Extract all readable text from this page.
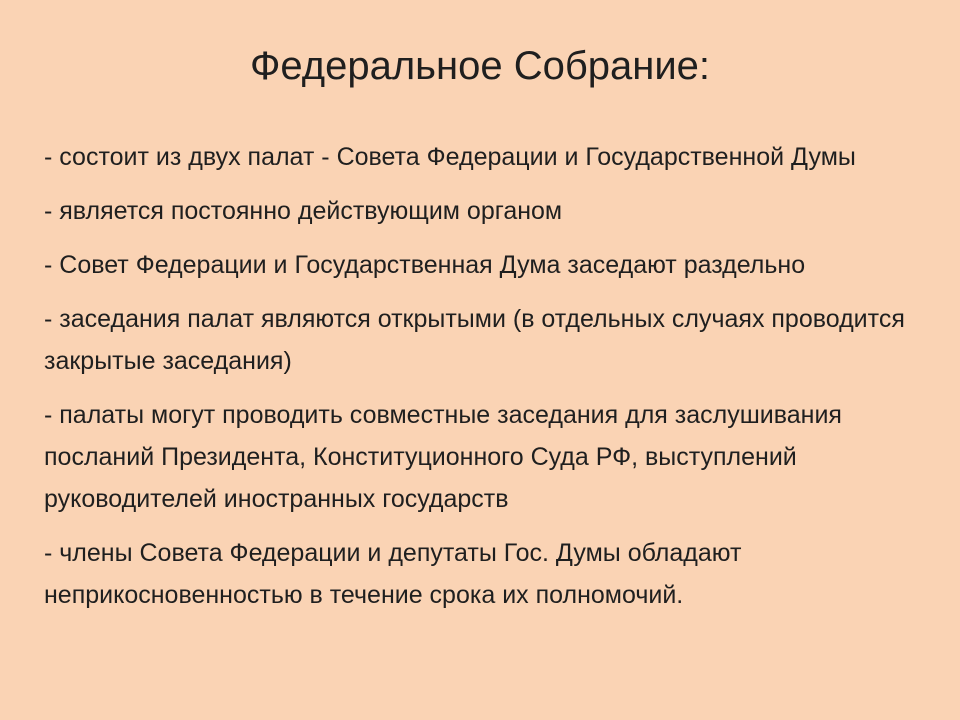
Федеральное Собрание:
- состоит из двух палат - Совета Федерации и Государственной Думы
- является постоянно действующим органом
- Совет Федерации и Государственная Дума заседают раздельно
- заседания палат являются открытыми (в отдельных случаях проводится закрытые заседания)
- палаты могут проводить совместные заседания для заслушивания посланий Президента, Конституционного Суда РФ, выступлений руководителей иностранных государств
- члены Совета Федерации и депутаты Гос. Думы обладают неприкосновенностью в течение срока их полномочий.
